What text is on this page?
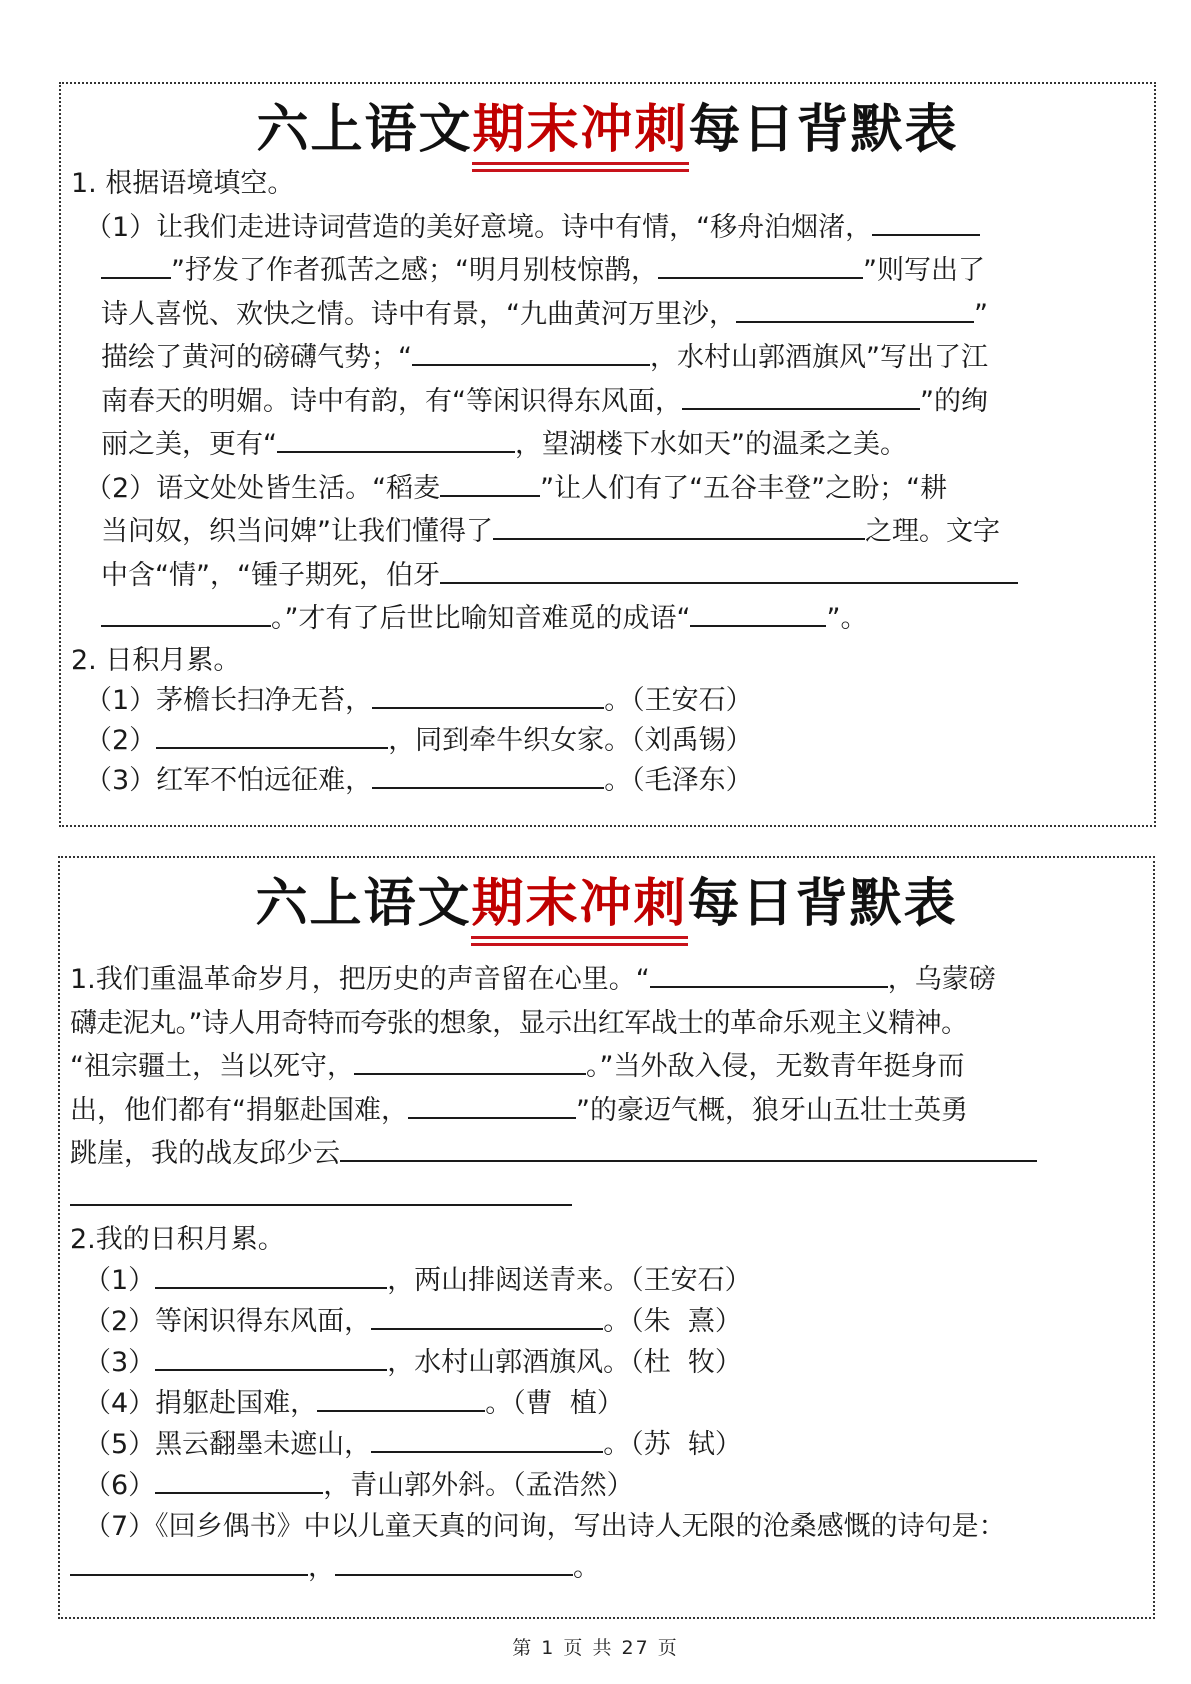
六上语文期末冲刺每日背默表
1. 根据语境填空。
（1）让我们走进诗词营造的美好意境。诗中有情，“移舟泊烟渚，
”抒发了作者孤苦之感；“明月别枝惊鹊，	”则写出了
诗人喜悦、欢快之情。诗中有景，“九曲黄河万里沙，	”
描绘了黄河的磅礴气势；“	，水村山郭酒旗风”写出了江
南春天的明媚。诗中有韵，有“等闲识得东风面，	”的绚
丽之美，更有“	，望湖楼下水如天”的温柔之美。
（2）语文处处皆生活。“稻麦	”让人们有了“五谷丰登”之盼；“耕
当问奴，织当问婢”让我们懂得了	之理。文字
中含“情”，“锺子期死，伯牙
。”才有了后世比喻知音难觅的成语“	”。
2. 日积月累。
（1）茅檐长扫净无苔，	。（王安石）
（2）	，同到牵牛织女家。（刘禹锡）
（3）红军不怕远征难，	。（毛泽东）
六上语文期末冲刺每日背默表
1.我们重温革命岁月，把历史的声音留在心里。“	，乌蒙磅
礴走泥丸。”诗人用奇特而夸张的想象，显示出红军战士的革命乐观主义精神。
“祖宗疆土，当以死守，	。”当外敌入侵，无数青年挺身而
出，他们都有“捐躯赴国难，	”的豪迈气概，狼牙山五壮士英勇
跳崖，我的战友邱少云
2.我的日积月累。
（1）	，两山排闼送青来。（王安石）
（2）等闲识得东风面，	。（朱  熹）
（3）	，水村山郭酒旗风。（杜  牧）
（4）捐躯赴国难，	。（曹  植）
（5）黑云翻墨未遮山，	。（苏  轼）
（6）	，青山郭外斜。（孟浩然）
（7）《回乡偶书》中以儿童天真的问询，写出诗人无限的沧桑感慨的诗句是：
，	。
第 1 页 共 27 页
